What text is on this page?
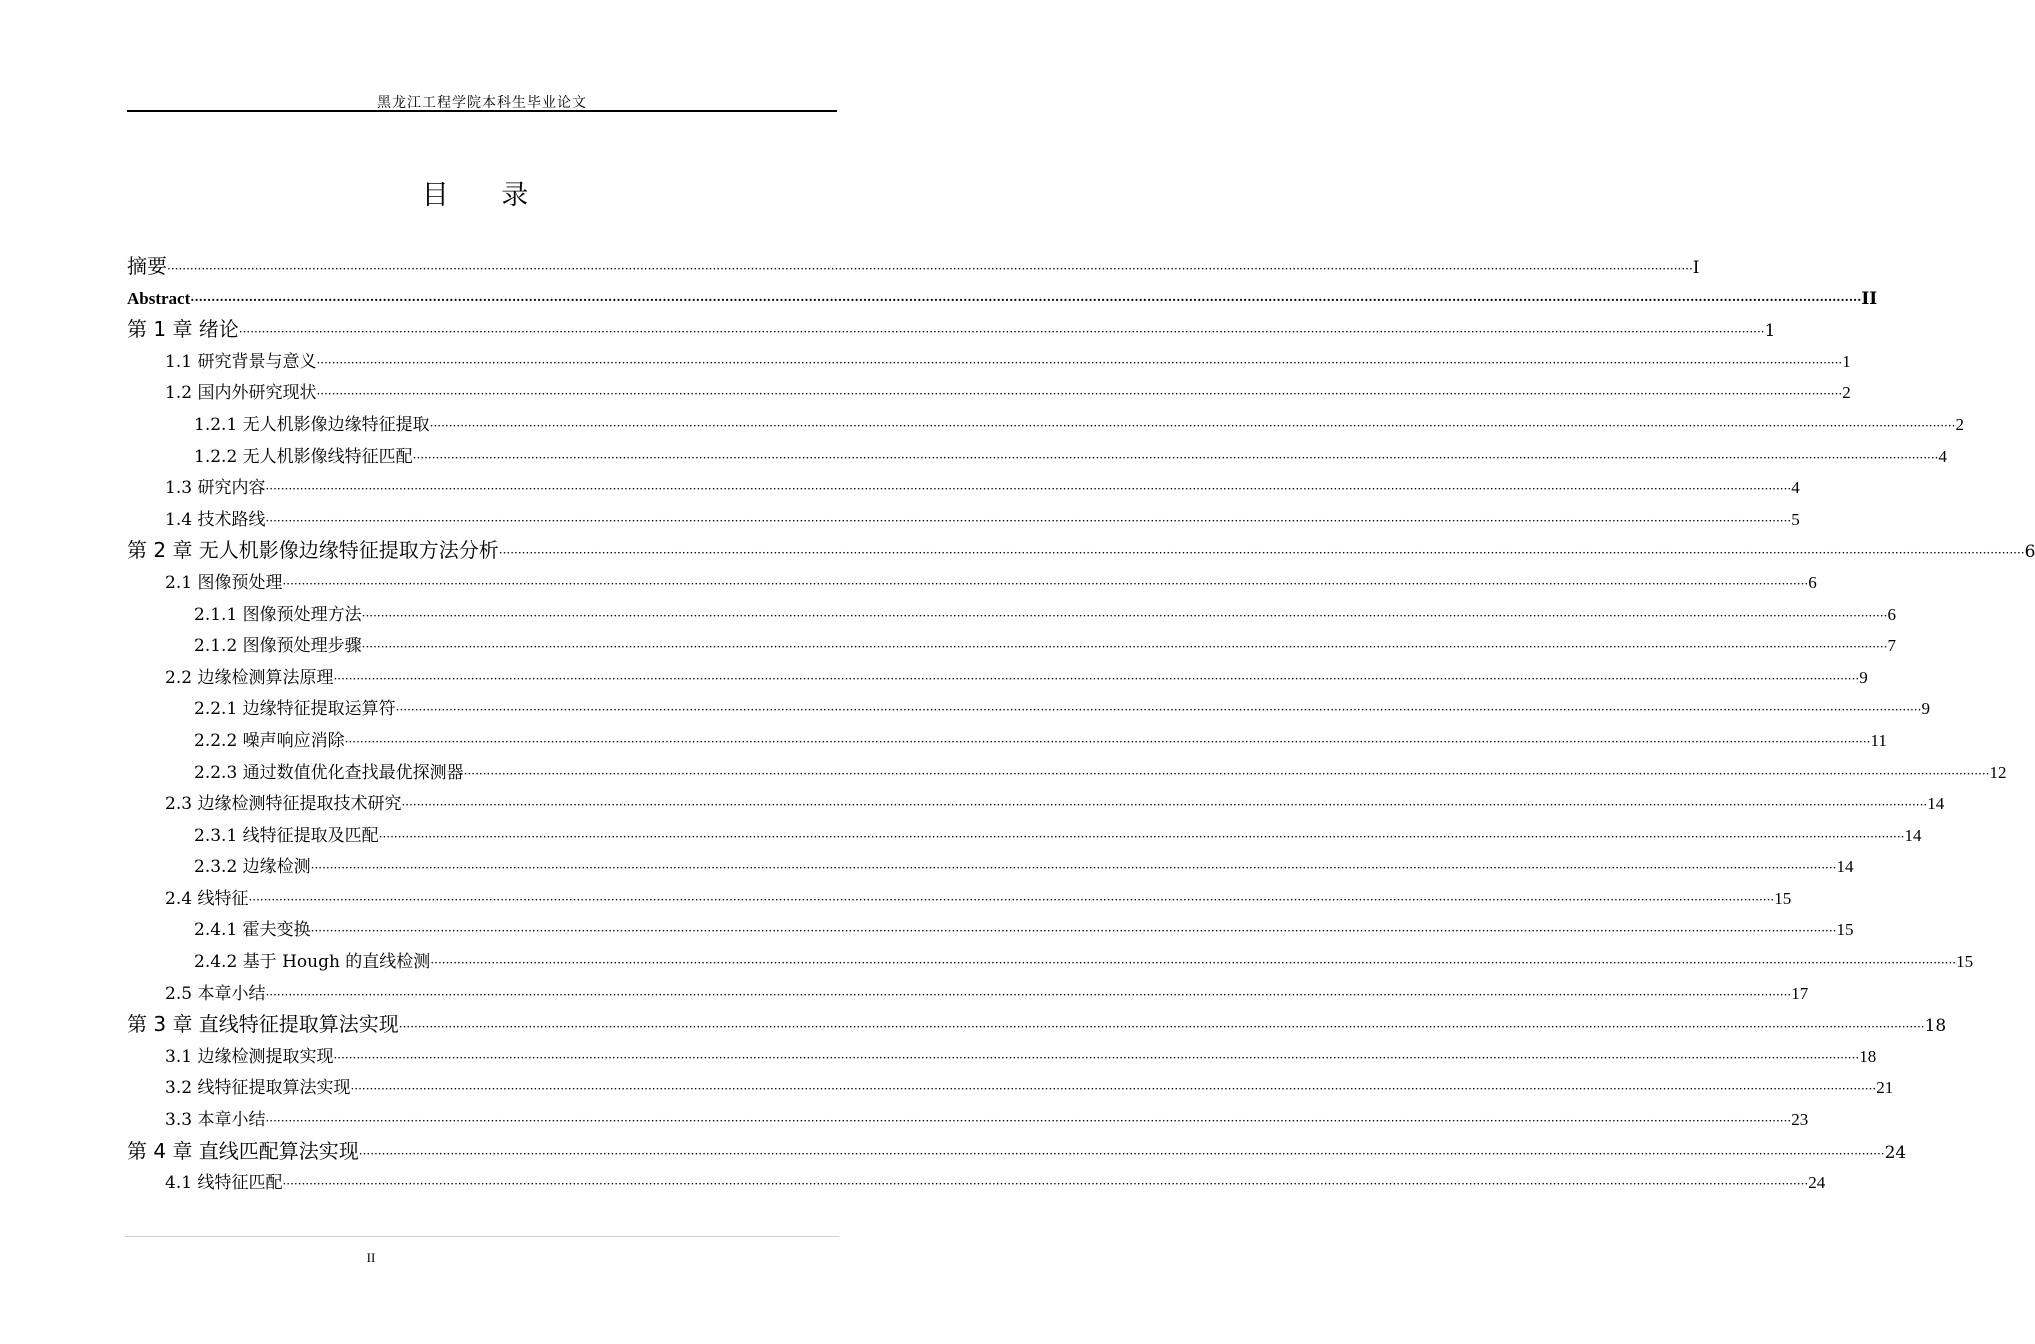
黑龙江工程学院本科生毕业论文
目 录
摘要 ················································································································································································································································································································································································································ I
Abstract ················································································································································································································································································································································································································ II
第 1 章 绪论 ················································································································································································································································································································································································································ 1
1.1 研究背景与意义 ················································································································································································································································································································································································································ 1
1.2 国内外研究现状 ················································································································································································································································································································································································································ 2
1.2.1 无人机影像边缘特征提取 ················································································································································································································································································································································································································ 2
1.2.2 无人机影像线特征匹配 ················································································································································································································································································································································································································ 4
1.3 研究内容 ················································································································································································································································································································································································································ 4
1.4 技术路线 ················································································································································································································································································································································································································ 5
第 2 章 无人机影像边缘特征提取方法分析 ················································································································································································································································································································································································································ 6
2.1 图像预处理 ················································································································································································································································································································································································································ 6
2.1.1 图像预处理方法 ················································································································································································································································································································································································································ 6
2.1.2 图像预处理步骤 ················································································································································································································································································································································································································ 7
2.2 边缘检测算法原理 ················································································································································································································································································································································································································ 9
2.2.1 边缘特征提取运算符 ················································································································································································································································································································································································································ 9
2.2.2 噪声响应消除 ················································································································································································································································································································································································································ 11
2.2.3 通过数值优化查找最优探测器 ················································································································································································································································································································································································································ 12
2.3 边缘检测特征提取技术研究 ················································································································································································································································································································································································································ 14
2.3.1 线特征提取及匹配 ················································································································································································································································································································································································································ 14
2.3.2 边缘检测 ················································································································································································································································································································································································································ 14
2.4 线特征 ················································································································································································································································································································································································································ 15
2.4.1 霍夫变换 ················································································································································································································································································································································································································ 15
2.4.2 基于 Hough 的直线检测 ················································································································································································································································································································································································································ 15
2.5 本章小结 ················································································································································································································································································································································································································ 17
第 3 章 直线特征提取算法实现 ················································································································································································································································································································································································································ 18
3.1 边缘检测提取实现 ················································································································································································································································································································································································································ 18
3.2 线特征提取算法实现 ················································································································································································································································································································································································································ 21
3.3 本章小结 ················································································································································································································································································································································································································ 23
第 4 章 直线匹配算法实现 ················································································································································································································································································································································································································ 24
4.1 线特征匹配 ················································································································································································································································································································································································································ 24
II
